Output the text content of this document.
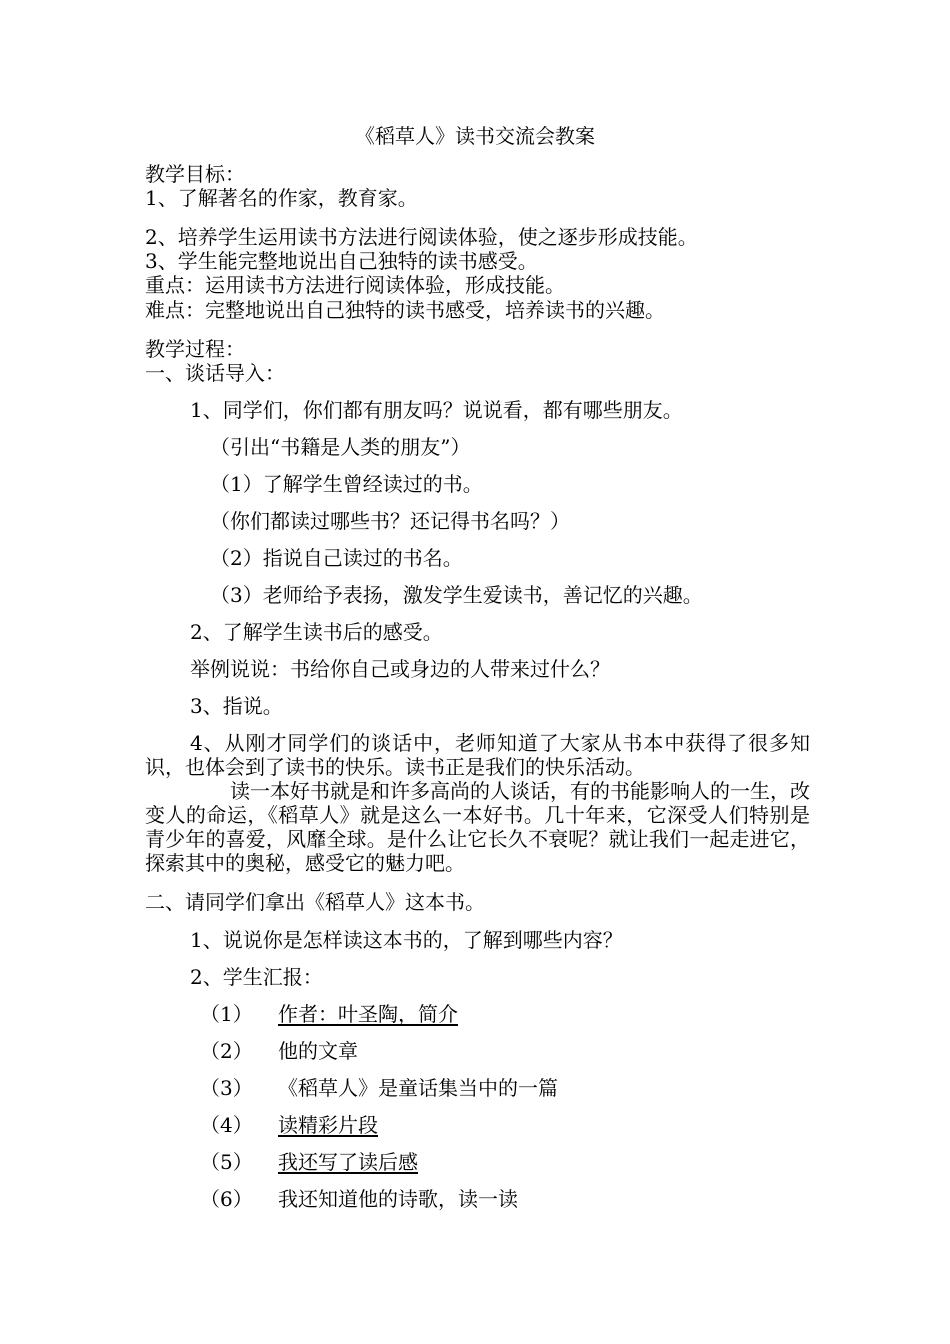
《稻草人》读书交流会教案
教学目标：
1、了解著名的作家，教育家。
2、培养学生运用读书方法进行阅读体验，使之逐步形成技能。
3、学生能完整地说出自己独特的读书感受。
重点：运用读书方法进行阅读体验，形成技能。
难点：完整地说出自己独特的读书感受，培养读书的兴趣。
教学过程：
一、谈话导入：
1、同学们，你们都有朋友吗？说说看，都有哪些朋友。
（引出“书籍是人类的朋友”）
（1）了解学生曾经读过的书。
（你们都读过哪些书？还记得书名吗？）
（2）指说自己读过的书名。
（3）老师给予表扬，激发学生爱读书，善记忆的兴趣。
2、了解学生读书后的感受。
举例说说：书给你自己或身边的人带来过什么？
3、指说。
4、从刚才同学们的谈话中，老师知道了大家从书本中获得了很多知识，也体会到了读书的快乐。读书正是我们的快乐活动。
读一本好书就是和许多高尚的人谈话，有的书能影响人的一生，改变人的命运，《稻草人》就是这么一本好书。几十年来，它深受人们特别是青少年的喜爱，风靡全球。是什么让它长久不衰呢？就让我们一起走进它，探索其中的奥秘，感受它的魅力吧。
二、请同学们拿出《稻草人》这本书。
1、说说你是怎样读这本书的，了解到哪些内容？
2、学生汇报：
（1） 作者：叶圣陶，简介
（2） 他的文章
（3） 《稻草人》是童话集当中的一篇
（4） 读精彩片段
（5） 我还写了读后感
（6） 我还知道他的诗歌，读一读
